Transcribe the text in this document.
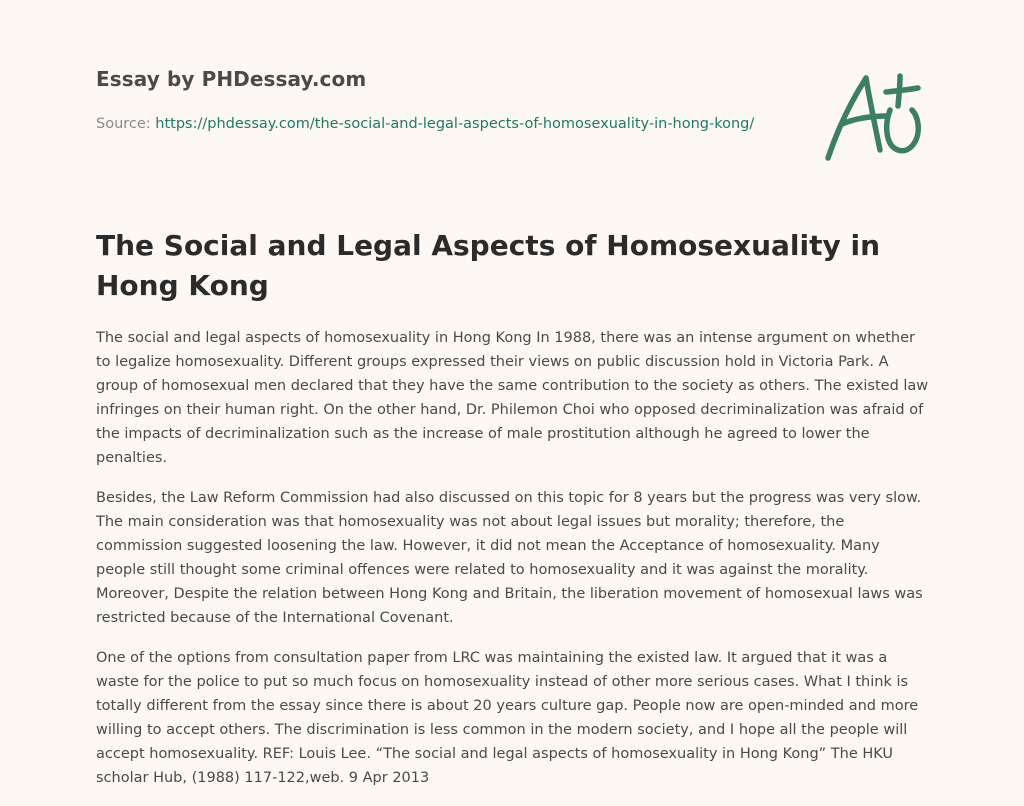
Essay by PHDessay.com
Source: https://phdessay.com/the-social-and-legal-aspects-of-homosexuality-in-hong-kong/
The Social and Legal Aspects of Homosexuality in Hong Kong

The social and legal aspects of homosexuality in Hong Kong In 1988, there was an intense argument on whether to legalize homosexuality. Different groups expressed their views on public discussion hold in Victoria Park. A group of homosexual men declared that they have the same contribution to the society as others. The existed law infringes on their human right. On the other hand, Dr. Philemon Choi who opposed decriminalization was afraid of the impacts of decriminalization such as the increase of male prostitution although he agreed to lower the penalties.

Besides, the Law Reform Commission had also discussed on this topic for 8 years but the progress was very slow. The main consideration was that homosexuality was not about legal issues but morality; therefore, the commission suggested loosening the law. However, it did not mean the Acceptance of homosexuality. Many people still thought some criminal offences were related to homosexuality and it was against the morality. Moreover, Despite the relation between Hong Kong and Britain, the liberation movement of homosexual laws was restricted because of the International Covenant.

One of the options from consultation paper from LRC was maintaining the existed law. It argued that it was a waste for the police to put so much focus on homosexuality instead of other more serious cases. What I think is totally different from the essay since there is about 20 years culture gap. People now are open-minded and more willing to accept others. The discrimination is less common in the modern society, and I hope all the people will accept homosexuality. REF: Louis Lee. “The social and legal aspects of homosexuality in Hong Kong” The HKU scholar Hub, (1988) 117-122,web. 9 Apr 2013
